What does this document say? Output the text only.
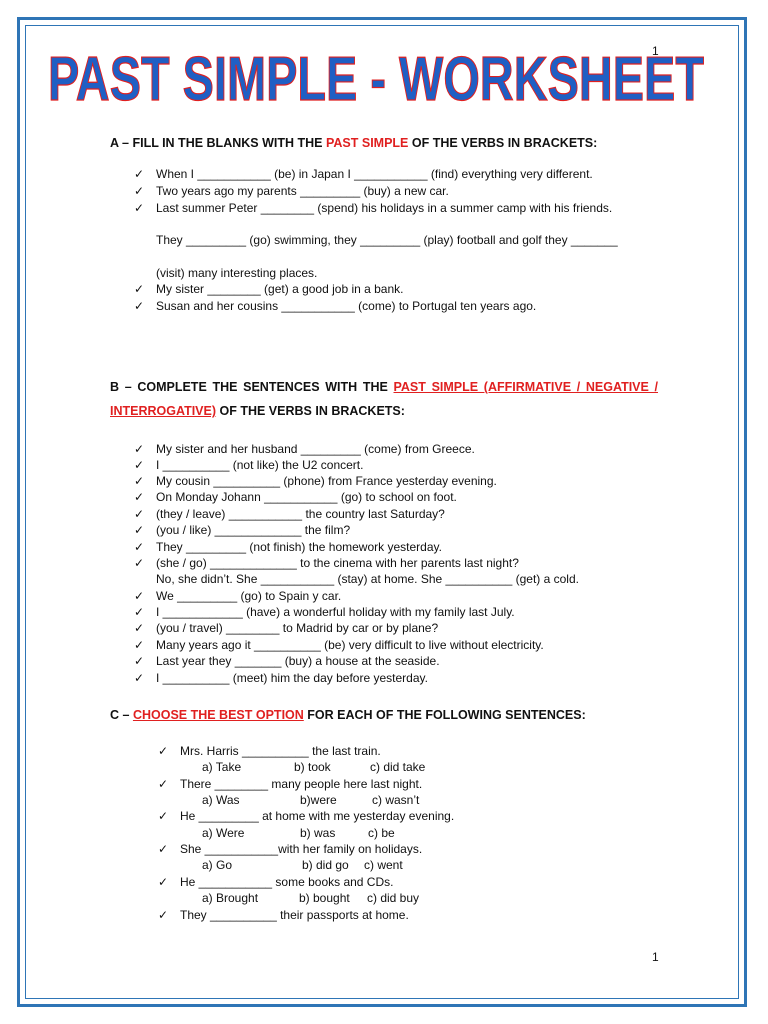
1
PAST SIMPLE - WORKSHEET
A – FILL IN THE BLANKS WITH THE PAST SIMPLE OF THE VERBS IN BRACKETS:
✓ When I ___________ (be) in Japan I ___________ (find) everything very different.
✓ Two years ago my parents _________ (buy) a new car.
✓ Last summer Peter ________ (spend) his holidays in a summer camp with his friends.
They _________ (go) swimming, they _________ (play) football and golf they _______
(visit) many interesting places.
✓ My sister ________ (get) a good job in a bank.
✓ Susan and her cousins ___________ (come) to Portugal ten years ago.
B – COMPLETE THE SENTENCES WITH THE PAST SIMPLE (AFFIRMATIVE / NEGATIVE /
INTERROGATIVE) OF THE VERBS IN BRACKETS:
✓ My sister and her husband _________ (come) from Greece.
✓ I __________ (not like) the U2 concert.
✓ My cousin __________ (phone) from France yesterday evening.
✓ On Monday Johann ___________ (go) to school on foot.
✓ (they / leave) ___________ the country last Saturday?
✓ (you / like) _____________ the film?
✓ They _________ (not finish) the homework yesterday.
✓ (she / go) _____________ to the cinema with her parents last night?
No, she didn’t. She ___________ (stay) at home. She __________ (get) a cold.
✓ We _________ (go) to Spain y car.
✓ I ____________ (have) a wonderful holiday with my family last July.
✓ (you / travel) ________ to Madrid by car or by plane?
✓ Many years ago it __________ (be) very difficult to live without electricity.
✓ Last year they _______ (buy) a house at the seaside.
✓ I __________ (meet) him the day before yesterday.
C – CHOOSE THE BEST OPTION FOR EACH OF THE FOLLOWING SENTENCES:
✓ Mrs. Harris __________ the last train.
a) Take	b) took	c) did take
✓ There ________ many people here last night.
a) Was	b)were	c) wasn’t
✓ He _________ at home with me yesterday evening.
a) Were	b) was	c) be
✓ She ___________with her family on holidays.
a) Go	b) did go c) went
✓ He ___________ some books and CDs.
a) Brought	b) bought c) did buy
✓ They __________ their passports at home.
1
